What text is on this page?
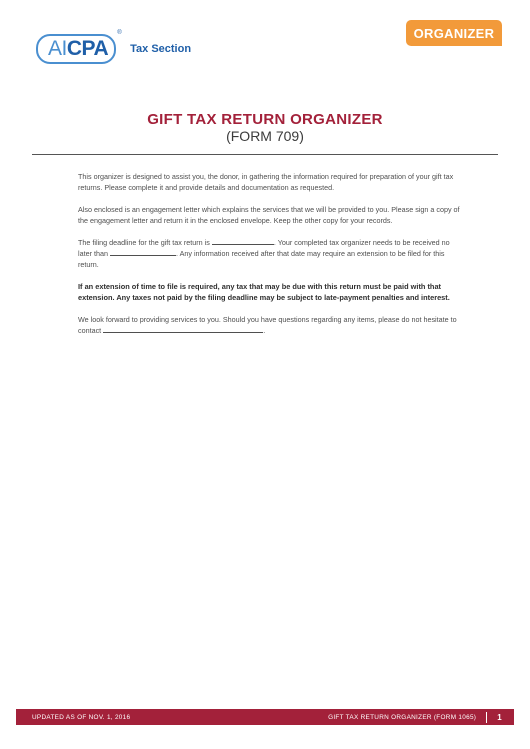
AI CPA
®
Tax Section
ORGANIZER
GIFT TAX RETURN ORGANIZER
(FORM 709)

This organizer is designed to assist you, the donor, in gathering the information required for preparation of your gift tax returns. Please complete it and provide details and documentation as requested.

Also enclosed is an engagement letter which explains the services that we will be provided to you. Please sign a copy of the engagement letter and return it in the enclosed envelope. Keep the other copy for your records.

The filing deadline for the gift tax return is	. Your completed tax organizer needs to be received no later than	. Any information received after that date may require an extension to be filed for this return.

If an extension of time to file is required, any tax that may be due with this return must be paid with that extension. Any taxes not paid by the filing deadline may be subject to late-payment penalties and interest.

We look forward to providing services to you. Should you have questions regarding any items, please do not hesitate to contact	.

UPDATED AS OF NOV. 1, 2016	GIFT TAX RETURN ORGANIZER (FORM 1065)	1
